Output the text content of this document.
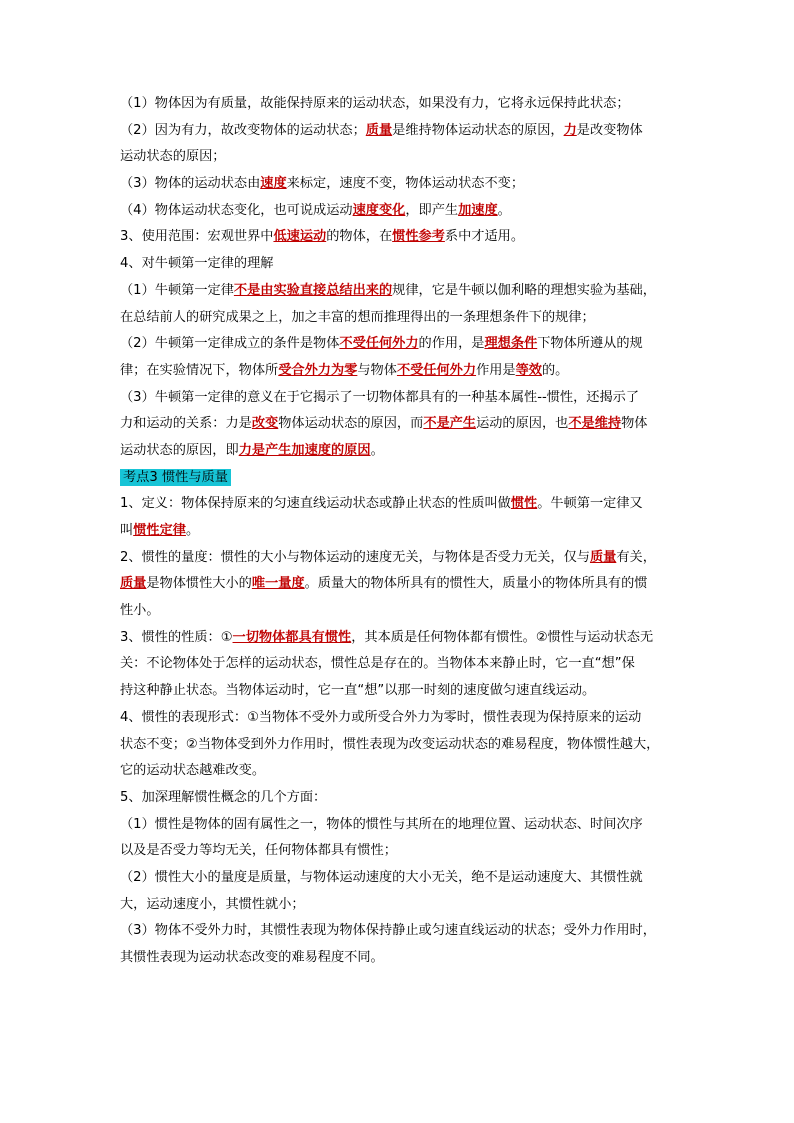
（1）物体因为有质量，故能保持原来的运动状态，如果没有力，它将永远保持此状态；
（2）因为有力，故改变物体的运动状态；质量是维持物体运动状态的原因，力是改变物体
运动状态的原因；
（3）物体的运动状态由速度来标定，速度不变，物体运动状态不变；
（4）物体运动状态变化，也可说成运动速度变化，即产生加速度。
3、使用范围：宏观世界中低速运动的物体，在惯性参考系中才适用。
4、对牛顿第一定律的理解
（1）牛顿第一定律不是由实验直接总结出来的规律，它是牛顿以伽利略的理想实验为基础，
在总结前人的研究成果之上，加之丰富的想而推理得出的一条理想条件下的规律；
（2）牛顿第一定律成立的条件是物体不受任何外力的作用，是理想条件下物体所遵从的规
律；在实验情况下，物体所受合外力为零与物体不受任何外力作用是等效的。
（3）牛顿第一定律的意义在于它揭示了一切物体都具有的一种基本属性--惯性，还揭示了
力和运动的关系：力是改变物体运动状态的原因，而不是产生运动的原因，也不是维持物体
运动状态的原因，即力是产生加速度的原因。
考点3 惯性与质量
1、定义：物体保持原来的匀速直线运动状态或静止状态的性质叫做惯性。牛顿第一定律又
叫惯性定律。
2、惯性的量度：惯性的大小与物体运动的速度无关，与物体是否受力无关，仅与质量有关，
质量是物体惯性大小的唯一量度。质量大的物体所具有的惯性大，质量小的物体所具有的惯
性小。
3、惯性的性质：①一切物体都具有惯性，其本质是任何物体都有惯性。②惯性与运动状态无
关：不论物体处于怎样的运动状态，惯性总是存在的。当物体本来静止时，它一直“想”保
持这种静止状态。当物体运动时，它一直“想”以那一时刻的速度做匀速直线运动。
4、惯性的表现形式：①当物体不受外力或所受合外力为零时，惯性表现为保持原来的运动
状态不变；②当物体受到外力作用时，惯性表现为改变运动状态的难易程度，物体惯性越大，
它的运动状态越难改变。
5、加深理解惯性概念的几个方面：
（1）惯性是物体的固有属性之一，物体的惯性与其所在的地理位置、运动状态、时间次序
以及是否受力等均无关，任何物体都具有惯性；
（2）惯性大小的量度是质量，与物体运动速度的大小无关，绝不是运动速度大、其惯性就
大，运动速度小，其惯性就小；
（3）物体不受外力时，其惯性表现为物体保持静止或匀速直线运动的状态；受外力作用时，
其惯性表现为运动状态改变的难易程度不同。
